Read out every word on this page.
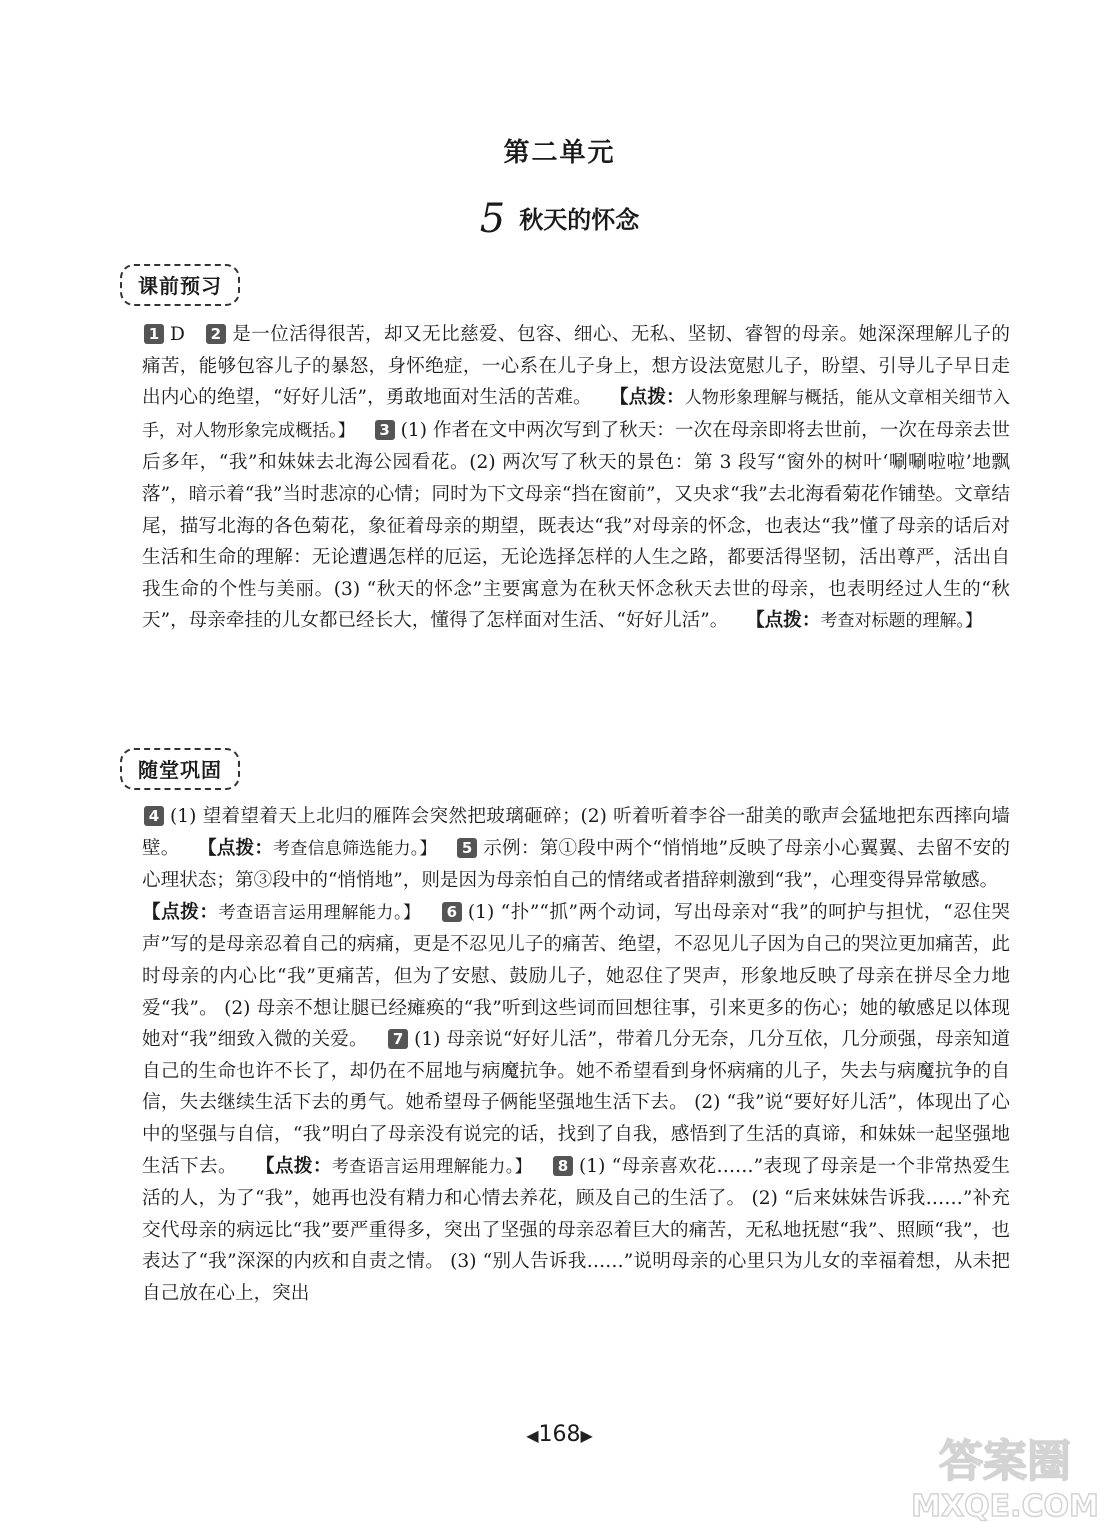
第二单元
5 秋天的怀念
课前预习
1 D 2 是一位活得很苦，却又无比慈爱、包容、细心、无私、坚韧、睿智的母亲。她深深理解儿子的痛苦，能够包容儿子的暴怒，身怀绝症，一心系在儿子身上，想方设法宽慰儿子，盼望、引导儿子早日走出内心的绝望，“好好儿活”，勇敢地面对生活的苦难。 【点拨：人物形象理解与概括，能从文章相关细节入手，对人物形象完成概括。】 3 (1) 作者在文中两次写到了秋天：一次在母亲即将去世前，一次在母亲去世后多年，“我”和妹妹去北海公园看花。(2) 两次写了秋天的景色：第 3 段写“窗外的树叶‘唰唰啦啦’地飘落”，暗示着“我”当时悲凉的心情；同时为下文母亲“挡在窗前”，又央求“我”去北海看菊花作铺垫。文章结尾，描写北海的各色菊花，象征着母亲的期望，既表达“我”对母亲的怀念，也表达“我”懂了母亲的话后对生活和生命的理解：无论遭遇怎样的厄运，无论选择怎样的人生之路，都要活得坚韧，活出尊严，活出自我生命的个性与美丽。(3) “秋天的怀念”主要寓意为在秋天怀念秋天去世的母亲，也表明经过人生的“秋天”，母亲牵挂的儿女都已经长大，懂得了怎样面对生活、“好好儿活”。 【点拨：考查对标题的理解。】
随堂巩固
4 (1) 望着望着天上北归的雁阵会突然把玻璃砸碎；(2) 听着听着李谷一甜美的歌声会猛地把东西摔向墙壁。 【点拨：考查信息筛选能力。】 5 示例：第①段中两个“悄悄地”反映了母亲小心翼翼、去留不安的心理状态；第③段中的“悄悄地”，则是因为母亲怕自己的情绪或者措辞刺激到“我”，心理变得异常敏感。   【点拨：考查语言运用理解能力。】 6 (1) “扑”“抓”两个动词，写出母亲对“我”的呵护与担忧，“忍住哭声”写的是母亲忍着自己的病痛，更是不忍见儿子的痛苦、绝望，不忍见儿子因为自己的哭泣更加痛苦，此时母亲的内心比“我”更痛苦，但为了安慰、鼓励儿子，她忍住了哭声，形象地反映了母亲在拼尽全力地爱“我”。 (2) 母亲不想让腿已经瘫痪的“我”听到这些词而回想往事，引来更多的伤心；她的敏感足以体现她对“我”细致入微的关爱。 7 (1) 母亲说“好好儿活”，带着几分无奈，几分互依，几分顽强，母亲知道自己的生命也许不长了，却仍在不屈地与病魔抗争。她不希望看到身怀病痛的儿子，失去与病魔抗争的自信，失去继续生活下去的勇气。她希望母子俩能坚强地生活下去。 (2) “我”说“要好好儿活”，体现出了心中的坚强与自信，“我”明白了母亲没有说完的话，找到了自我，感悟到了生活的真谛，和妹妹一起坚强地生活下去。 【点拨：考查语言运用理解能力。】 8 (1) “母亲喜欢花……”表现了母亲是一个非常热爱生活的人，为了“我”，她再也没有精力和心情去养花，顾及自己的生活了。 (2) “后来妹妹告诉我……”补充交代母亲的病远比“我”要严重得多，突出了坚强的母亲忍着巨大的痛苦，无私地抚慰“我”、照顾“我”，也表达了“我”深深的内疚和自责之情。 (3) “别人告诉我……”说明母亲的心里只为儿女的幸福着想，从未把自己放在心上，突出
◀168▶
答案圈
MXQE.COM
